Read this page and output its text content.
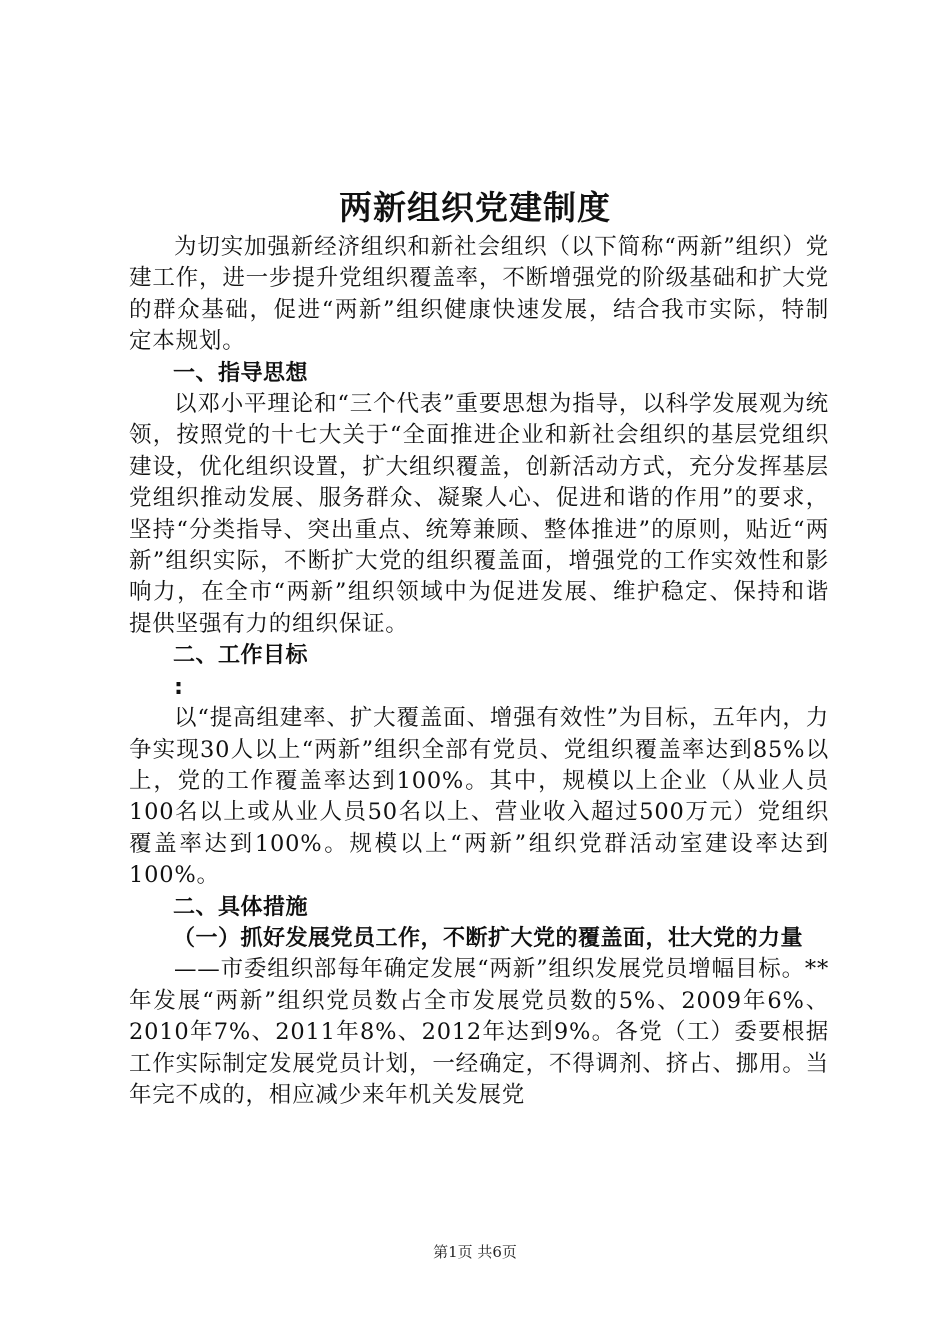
两新组织党建制度

为切实加强新经济组织和新社会组织（以下简称“两新”组织）党建工作，进一步提升党组织覆盖率，不断增强党的阶级基础和扩大党的群众基础，促进“两新”组织健康快速发展，结合我市实际，特制定本规划。

一、指导思想

以邓小平理论和“三个代表”重要思想为指导，以科学发展观为统领，按照党的十七大关于“全面推进企业和新社会组织的基层党组织建设，优化组织设置，扩大组织覆盖，创新活动方式，充分发挥基层党组织推动发展、服务群众、凝聚人心、促进和谐的作用”的要求，坚持“分类指导、突出重点、统筹兼顾、整体推进”的原则，贴近“两新”组织实际，不断扩大党的组织覆盖面，增强党的工作实效性和影响力，在全市“两新”组织领域中为促进发展、维护稳定、保持和谐提供坚强有力的组织保证。

二、工作目标

:

以“提高组建率、扩大覆盖面、增强有效性”为目标，五年内，力争实现30人以上“两新”组织全部有党员、党组织覆盖率达到85%以上，党的工作覆盖率达到100%。其中，规模以上企业（从业人员100名以上或从业人员50名以上、营业收入超过500万元）党组织覆盖率达到100%。规模以上“两新”组织党群活动室建设率达到100%。

二、具体措施

（一）抓好发展党员工作，不断扩大党的覆盖面，壮大党的力量

——市委组织部每年确定发展“两新”组织发展党员增幅目标。**年发展“两新”组织党员数占全市发展党员数的5%、2009年6%、2010年7%、2011年8%、2012年达到9%。各党（工）委要根据工作实际制定发展党员计划，一经确定，不得调剂、挤占、挪用。当年完不成的，相应减少来年机关发展党

第1页 共6页
